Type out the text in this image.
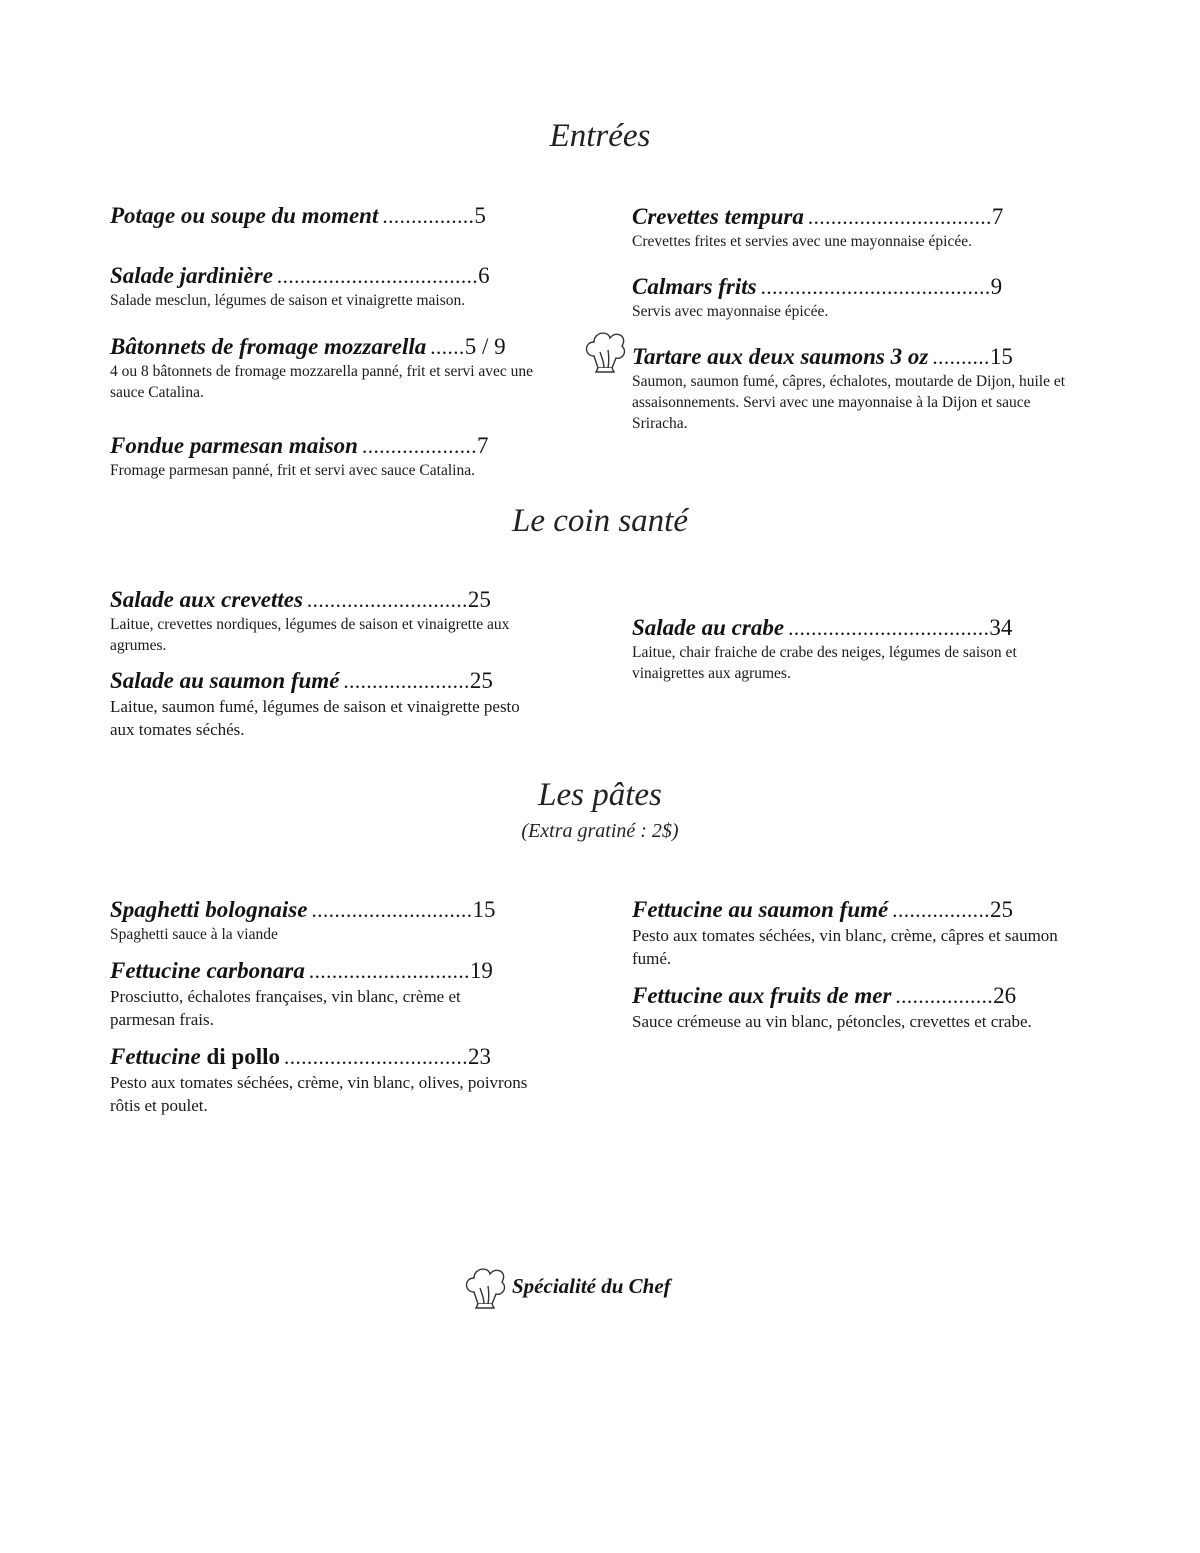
Entrées
Potage ou soupe du moment ................ 5
Salade jardinière ................................... 6
Salade mesclun, légumes de saison et vinaigrette maison.
Bâtonnets de fromage mozzarella ...... 5 / 9
4 ou 8 bâtonnets de fromage mozzarella panné, frit et servi avec une sauce Catalina.
Fondue parmesan maison .................... 7
Fromage parmesan panné, frit et servi avec sauce Catalina.
Crevettes tempura ................................ 7
Crevettes frites et servies avec une mayonnaise épicée.
Calmars frits ........................................ 9
Servis avec mayonnaise épicée.
Tartare aux deux saumons 3 oz .......... 15
Saumon, saumon fumé, câpres, échalotes, moutarde de Dijon, huile et assaisonnements. Servi avec une mayonnaise à la Dijon et sauce Sriracha.
Le coin santé
Salade aux crevettes ............................ 25
Laitue, crevettes nordiques, légumes de saison et vinaigrette aux agrumes.
Salade au saumon fumé ...................... 25
Laitue, saumon fumé, légumes de saison et vinaigrette pesto aux tomates séchés.
Salade au crabe ................................... 34
Laitue, chair fraiche de crabe des neiges, légumes de saison et vinaigrettes aux agrumes.
Les pâtes
(Extra gratiné : 2$)
Spaghetti bolognaise ............................ 15
Spaghetti sauce à la viande
Fettucine carbonara ............................ 19
Prosciutto, échalotes françaises, vin blanc, crème et parmesan frais.
Fettucine di pollo ................................ 23
Pesto aux tomates séchées, crème, vin blanc, olives, poivrons rôtis et poulet.
Fettucine au saumon fumé ................. 25
Pesto aux tomates séchées, vin blanc, crème, câpres et saumon fumé.
Fettucine aux fruits de mer ................. 26
Sauce crémeuse au vin blanc, pétoncles, crevettes et crabe.
Spécialité du Chef
